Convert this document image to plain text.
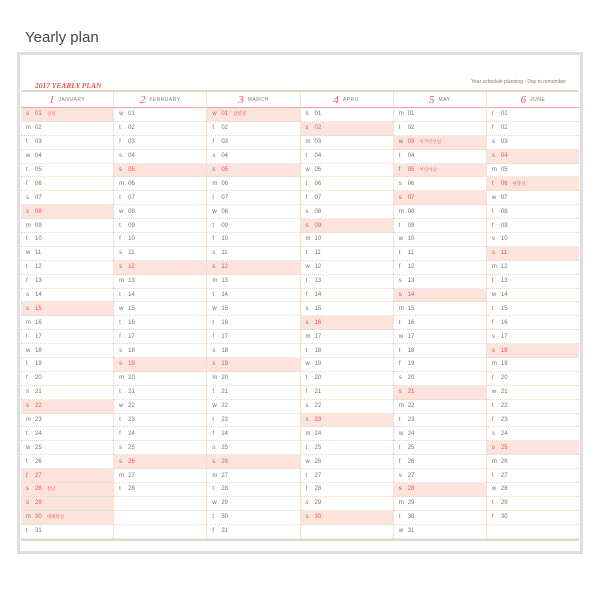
Yearly plan
2017 YEARLY PLAN	Year schedule planning - Day to remember
1 JANUARY
s	01 신정
m 02
t	03
w 04
t	05
f	06
s	07
s	08
m 09
t	10
w 11
t	12
f	13
s	14
s	15
m 16
t	17
w 18
t	19
f	20
s	21
s	22
m 23
t	24
w 25
t	26
f	27
s	28 설날
s	29
m 30 대체휴일
t	31
2 FEBRUARY
w 01
t	02
f	03
s	04
s	05
m 06
t	07
w 08
t	09
f	10
s	11
s	12
m 13
t	14
w 15
t	16
f	17
s	18
s	19
m 20
t	21
w 22
t	23
f	24
s	25
s	26
m 27
t	28
3 MARCH
w 01 삼일절
t	02
f	03
s	04
s	05
m 06
t	07
w 08
t	09
f	10
s	11
s	12
m 13
t	14
w 15
t	16
f	17
s	18
s	19
m 20
t	21
w 22
t	23
f	24
s	25
s	26
m 27
t	28
w 29
t	30
f	31
4 APRIL
s	01
s	02
m 03
t	04
w 05
t	06
f	07
s	08
s	09
m 10
t	11
w 12
t	13
f	14
s	15
s	16
m 17
t	18
w 19
t	20
f	21
s	22
s	23
m 24
t	25
w 26
t	27
f	28
s	29
s	30
5 MAY
m 01
t	02
w 03 석가탄신일
t	04
f	05 어린이날
s	06
s	07
m 08
t	09
w 10
t	11
f	12
s	13
s	14
m 15
t	16
w 17
t	18
f	19
s	20
s	21
m 22
t	23
w 24
t	25
f	26
s	27
s	28
m 29
t	30
w 31
6 JUNE
t	01
f	02
s	03
s	04
m 05
t	06 현충일
w 07
t	08
f	09
s	10
s	11
m 12
t	13
w 14
t	15
f	16
s	17
s	18
m 19
t	20
w 21
t	22
f	23
s	24
s	25
m 26
t	27
w 28
t	29
f	30
